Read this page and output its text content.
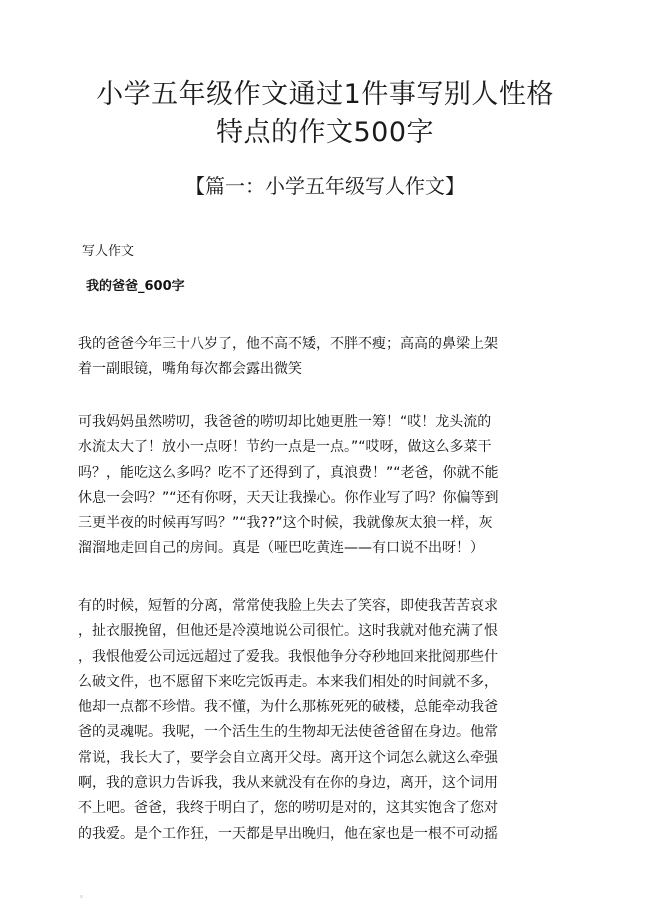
小学五年级作文通过1件事写别人性格
特点的作文500字
【篇一：小学五年级写人作文】
写人作文
我的爸爸_600字
我的爸爸今年三十八岁了，他不高不矮，不胖不瘦；高高的鼻梁上架
着一副眼镜，嘴角每次都会露出微笑
可我妈妈虽然唠叨，我爸爸的唠叨却比她更胜一筹！“哎！龙头流的
水流太大了！放小一点呀！节约一点是一点。”“哎呀，做这么多菜干
吗？，能吃这么多吗？吃不了还得到了，真浪费！”“老爸，你就不能
休息一会吗？”“还有你呀，天天让我操心。你作业写了吗？你偏等到
三更半夜的时候再写吗？”“我??”这个时候，我就像灰太狼一样，灰
溜溜地走回自己的房间。真是（哑巴吃黄连——有口说不出呀！）
有的时候，短暂的分离，常常使我脸上失去了笑容，即使我苦苦哀求
，扯衣服挽留，但他还是冷漠地说公司很忙。这时我就对他充满了恨
，我恨他爱公司远远超过了爱我。我恨他争分夺秒地回来批阅那些什
么破文件，也不愿留下来吃完饭再走。本来我们相处的时间就不多，
他却一点都不珍惜。我不懂，为什么那栋死死的破楼，总能牵动我爸
爸的灵魂呢。我呢，一个活生生的生物却无法使爸爸留在身边。他常
常说，我长大了，要学会自立离开父母。离开这个词怎么就这么牵强
啊，我的意识力告诉我，我从来就没有在你的身边，离开，这个词用
不上吧。爸爸，我终于明白了，您的唠叨是对的，这其实饱含了您对
的我爱。是个工作狂，一天都是早出晚归，他在家也是一根不可动摇
